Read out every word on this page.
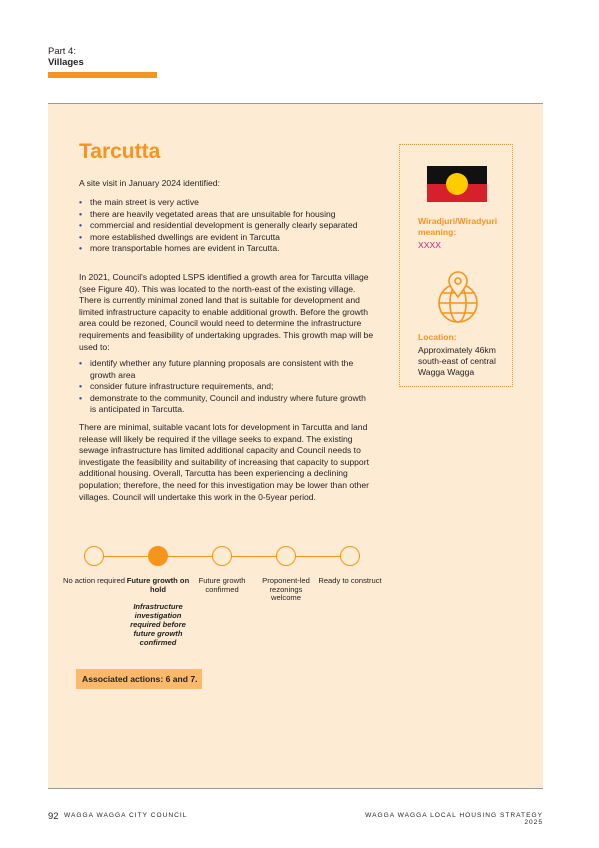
Part 4:
Villages
Tarcutta

A site visit in January 2024 identified:

• the main street is very active
• there are heavily vegetated areas that are unsuitable for housing
• commercial and residential development is generally clearly separated
• more established dwellings are evident in Tarcutta
• more transportable homes are evident in Tarcutta.

In 2021, Council's adopted LSPS identified a growth area for Tarcutta village (see Figure 40). This was located to the north-east of the existing village. There is currently minimal zoned land that is suitable for development and limited infrastructure capacity to enable additional growth. Before the growth area could be rezoned, Council would need to determine the infrastructure requirements and feasibility of undertaking upgrades. This growth map will be used to:

• identify whether any future planning proposals are consistent with the growth area
• consider future infrastructure requirements, and;
• demonstrate to the community, Council and industry where future growth is anticipated in Tarcutta.

There are minimal, suitable vacant lots for development in Tarcutta and land release will likely be required if the village seeks to expand. The existing sewage infrastructure has limited additional capacity and Council needs to investigate the feasibility and suitability of increasing that capacity to support additional housing. Overall, Tarcutta has been experiencing a declining population; therefore, the need for this investigation may be lower than other villages. Council will undertake this work in the 0-5year period.

No action required Future growth on hold
Future growth confirmed
Proponent-led rezonings welcome
Ready to construct
Infrastructure investigation required before future growth confirmed
Associated actions: 6 and 7.
Wiradjuri/Wiradyuri meaning:
XXXX
Location:
Approximately 46km south-east of central Wagga Wagga
92 WAGGA WAGGA CITY COUNCIL	WAGGA WAGGA LOCAL HOUSING STRATEGY 2025
